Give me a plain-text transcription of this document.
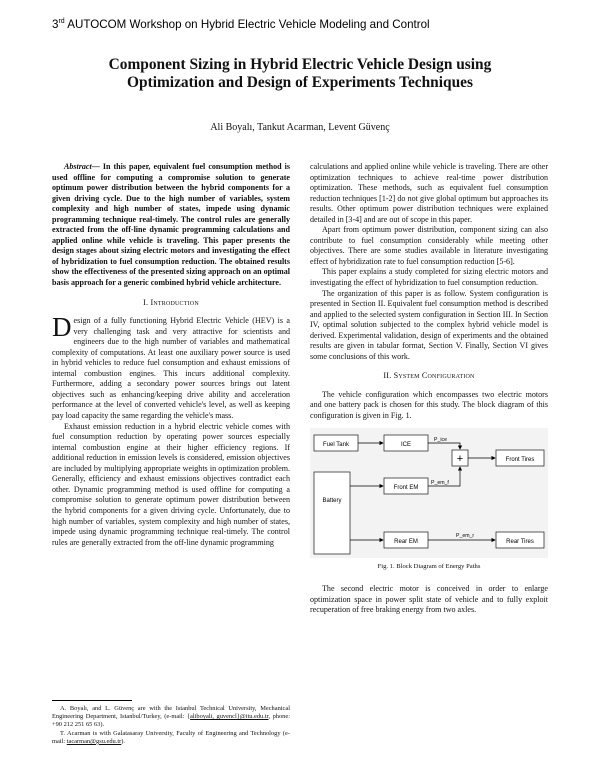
3rd AUTOCOM Workshop on Hybrid Electric Vehicle Modeling and Control
Component Sizing in Hybrid Electric Vehicle Design using
Optimization and Design of Experiments Techniques
Ali Boyalı, Tankut Acarman, Levent Güvenç

Abstract— In this paper, equivalent fuel consumption method is used offline for computing a compromise solution to generate optimum power distribution between the hybrid components for a given driving cycle. Due to the high number of variables, system complexity and high number of states, impede using dynamic programming technique real-timely. The control rules are generally extracted from the off-line dynamic programming calculations and applied online while vehicle is traveling. This paper presents the design stages about sizing electric motors and investigating the effect of hybridization to fuel consumption reduction. The obtained results show the effectiveness of the presented sizing approach on an optimal basis approach for a generic combined hybrid vehicle architecture.

I. Introduction

Design of a fully functioning Hybrid Electric Vehicle (HEV) is a very challenging task and very attractive for scientists and engineers due to the high number of variables and mathematical complexity of computations. At least one auxiliary power source is used in hybrid vehicles to reduce fuel consumption and exhaust emissions of internal combustion engines. This incurs additional complexity. Furthermore, adding a secondary power sources brings out latent objectives such as enhancing/keeping drive ability and acceleration performance at the level of converted vehicle's level, as well as keeping pay load capacity the same regarding the vehicle's mass.

Exhaust emission reduction in a hybrid electric vehicle comes with fuel consumption reduction by operating power sources especially internal combustion engine at their higher efficiency regions. If additional reduction in emission levels is considered, emission objectives are included by multiplying appropriate weights in optimization problem. Generally, efficiency and exhaust emissions objectives contradict each other. Dynamic programming method is used offline for computing a compromise solution to generate optimum power distribution between the hybrid components for a given driving cycle. Unfortunately, due to high number of variables, system complexity and high number of states, impede using dynamic programming technique real-timely. The control rules are generally extracted from the off-line dynamic programming

calculations and applied online while vehicle is traveling. There are other optimization techniques to achieve real-time power distribution optimization. These methods, such as equivalent fuel consumption reduction techniques [1-2] do not give global optimum but approaches its results. Other optimum power distribution techniques were explained detailed in [3-4] and are out of scope in this paper.

Apart from optimum power distribution, component sizing can also contribute to fuel consumption considerably while meeting other objectives. There are some studies available in literature investigating effect of hybridization rate to fuel consumption reduction [5-6].

This paper explains a study completed for sizing electric motors and investigating the effect of hybridization to fuel consumption reduction.

The organization of this paper is as follow. System configuration is presented in Section II. Equivalent fuel consumption method is described and applied to the selected system configuration in Section III. In Section IV, optimal solution subjected to the complex hybrid vehicle model is derived. Experimental validation, design of experiments and the obtained results are given in tabular format, Section V. Finally, Section VI gives some conclusions of this work.

II. System Configuration

The vehicle configuration which encompasses two electric motors and one battery pack is chosen for this study. The block diagram of this configuration is given in Fig. 1.

Fuel Tank	ICE
+	Front Tires
Battery
Front EM
Rear EM	Rear Tires
P_ice
P_em_f
P_em_r
Fig. 1. Block Diagram of Energy Paths

The second electric motor is conceived in order to enlarge optimization space in power split state of vehicle and to fully exploit recuperation of free braking energy from two axles.

A. Boyalı, and L. Güvenç are with the Istanbul Technical University, Mechanical Engineering Department, Istanbul/Turkey, (e-mail: {aliboyali, guvencl}@itu.edu.tr, phone: +90 212 251 65 63).

T. Acarman is with Galatasaray University, Faculty of Engineering and Technology (e-mail: tacarman@gsu.edu.tr).
